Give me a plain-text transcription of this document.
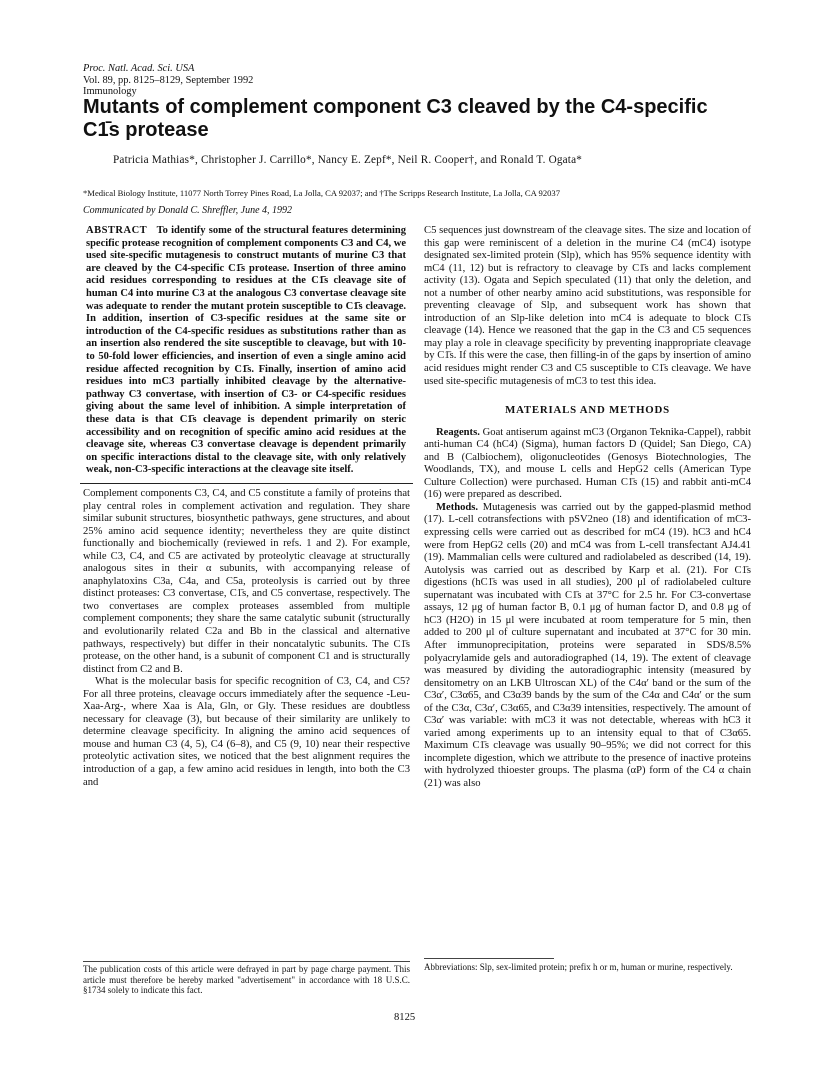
Proc. Natl. Acad. Sci. USA
Vol. 89, pp. 8125–8129, September 1992
Immunology
Mutants of complement component C3 cleaved by the C4-specific C1̄s protease
Patricia Mathias*, Christopher J. Carrillo*, Nancy E. Zepf*, Neil R. Cooper†, and Ronald T. Ogata*
*Medical Biology Institute, 11077 North Torrey Pines Road, La Jolla, CA 92037; and †The Scripps Research Institute, La Jolla, CA 92037
Communicated by Donald C. Shreffler, June 4, 1992
ABSTRACT To identify some of the structural features determining specific protease recognition of complement components C3 and C4, we used site-specific mutagenesis to construct mutants of murine C3 that are cleaved by the C4-specific C1̄s protease. Insertion of three amino acid residues corresponding to residues at the C1̄s cleavage site of human C4 into murine C3 at the analogous C3 convertase cleavage site was adequate to render the mutant protein susceptible to C1̄s cleavage. In addition, insertion of C3-specific residues at the same site or introduction of the C4-specific residues as substitutions rather than as an insertion also rendered the site susceptible to cleavage, but with 10- to 50-fold lower efficiencies, and insertion of even a single amino acid residue affected recognition by C1̄s. Finally, insertion of amino acid residues into mC3 partially inhibited cleavage by the alternative-pathway C3 convertase, with insertion of C3- or C4-specific residues giving about the same level of inhibition. A simple interpretation of these data is that C1̄s cleavage is dependent primarily on steric accessibility and on recognition of specific amino acid residues at the cleavage site, whereas C3 convertase cleavage is dependent primarily on specific interactions distal to the cleavage site, with only relatively weak, non-C3-specific interactions at the cleavage site itself.

Complement components C3, C4, and C5 constitute a family of proteins that play central roles in complement activation and regulation. They share similar subunit structures, biosynthetic pathways, gene structures, and about 25% amino acid sequence identity; nevertheless they are quite distinct functionally and biochemically (reviewed in refs. 1 and 2). For example, while C3, C4, and C5 are activated by proteolytic cleavage at structurally analogous sites in their α subunits, with accompanying release of anaphylatoxins C3a, C4a, and C5a, proteolysis is carried out by three distinct proteases: C3 convertase, C1̄s, and C5 convertase, respectively. The two convertases are complex proteases assembled from multiple complement components; they share the same catalytic subunit (structurally and evolutionarily related C2a and Bb in the classical and alternative pathways, respectively) but differ in their noncatalytic subunits. The C1̄s protease, on the other hand, is a subunit of component C1 and is structurally distinct from C2 and B.

What is the molecular basis for specific recognition of C3, C4, and C5? For all three proteins, cleavage occurs immediately after the sequence -Leu-Xaa-Arg-, where Xaa is Ala, Gln, or Gly. These residues are doubtless necessary for cleavage (3), but because of their similarity are unlikely to determine cleavage specificity. In aligning the amino acid sequences of mouse and human C3 (4, 5), C4 (6–8), and C5 (9, 10) near their respective proteolytic activation sites, we noticed that the best alignment requires the introduction of a gap, a few amino acid residues in length, into both the C3 and

C5 sequences just downstream of the cleavage sites. The size and location of this gap were reminiscent of a deletion in the murine C4 (mC4) isotype designated sex-limited protein (Slp), which has 95% sequence identity with mC4 (11, 12) but is refractory to cleavage by C1̄s and lacks complement activity (13). Ogata and Sepich speculated (11) that only the deletion, and not a number of other nearby amino acid substitutions, was responsible for preventing cleavage of Slp, and subsequent work has shown that introduction of an Slp-like deletion into mC4 is adequate to block C1̄s cleavage (14). Hence we reasoned that the gap in the C3 and C5 sequences may play a role in cleavage specificity by preventing inappropriate cleavage by C1̄s. If this were the case, then filling-in of the gaps by insertion of amino acid residues might render C3 and C5 susceptible to C1̄s cleavage. We have used site-specific mutagenesis of mC3 to test this idea.

MATERIALS AND METHODS

Reagents. Goat antiserum against mC3 (Organon Teknika-Cappel), rabbit anti-human C4 (hC4) (Sigma), human factors D (Quidel; San Diego, CA) and B (Calbiochem), oligonucleotides (Genosys Biotechnologies, The Woodlands, TX), and mouse L cells and HepG2 cells (American Type Culture Collection) were purchased. Human C1̄s (15) and rabbit anti-mC4 (16) were prepared as described.

Methods. Mutagenesis was carried out by the gapped-plasmid method (17). L-cell cotransfections with pSV2neo (18) and identification of mC3-expressing cells were carried out as described for mC4 (19). hC3 and hC4 were from HepG2 cells (20) and mC4 was from L-cell transfectant AJ4.41 (19). Mammalian cells were cultured and radiolabeled as described (14, 19). Autolysis was carried out as described by Karp et al. (21). For C1̄s digestions (hC1̄s was used in all studies), 200 μl of radiolabeled culture supernatant was incubated with C1̄s at 37°C for 2.5 hr. For C3-convertase assays, 12 μg of human factor B, 0.1 μg of human factor D, and 0.8 μg of hC3 (H2O) in 15 μl were incubated at room temperature for 5 min, then added to 200 μl of culture supernatant and incubated at 37°C for 30 min. After immunoprecipitation, proteins were separated in SDS/8.5% polyacrylamide gels and autoradiographed (14, 19). The extent of cleavage was measured by dividing the autoradiographic intensity (measured by densitometry on an LKB Ultroscan XL) of the C4α′ band or the sum of the C3α′, C3α65, and C3α39 bands by the sum of the C4α and C4α′ or the sum of the C3α, C3α′, C3α65, and C3α39 intensities, respectively. The amount of C3α′ was variable: with mC3 it was not detectable, whereas with hC3 it varied among experiments up to an intensity equal to that of C3α65. Maximum C1̄s cleavage was usually 90–95%; we did not correct for this incomplete digestion, which we attribute to the presence of inactive proteins with hydrolyzed thioester groups. The plasma (αP) form of the C4 α chain (21) was also

The publication costs of this article were defrayed in part by page charge payment. This article must therefore be hereby marked "advertisement" in accordance with 18 U.S.C. §1734 solely to indicate this fact.
Abbreviations: Slp, sex-limited protein; prefix h or m, human or murine, respectively.
8125
